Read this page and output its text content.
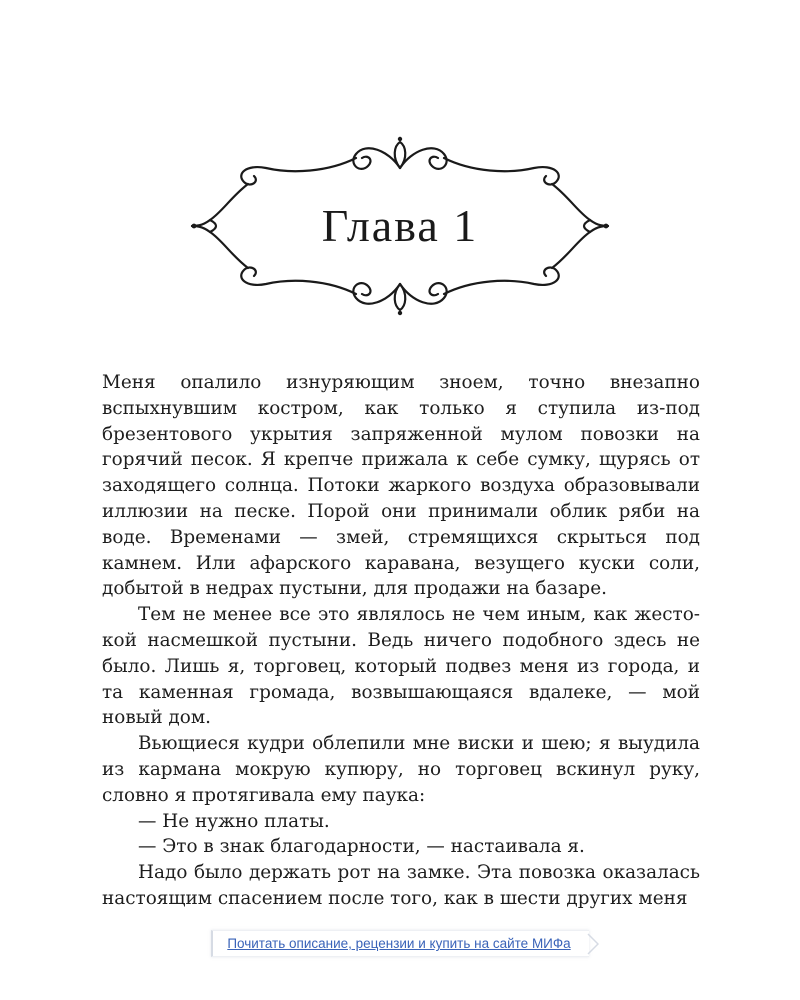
Глава 1

Меня опалило изнуряющим зноем, точно внезапно вспыхнувшим костром, как только я ступила из-под брезентового укрытия запряженной мулом повозки на горячий песок. Я крепче прижала к себе сумку, щурясь от заходящего солнца. Потоки жаркого воздуха образовывали иллюзии на песке. Порой они принимали облик ряби на воде. Временами — змей, стремящихся скрыться под камнем. Или афарского каравана, везущего куски соли, добытой в недрах пустыни, для продажи на базаре.

Тем не менее все это являлось не чем иным, как жестокой насмешкой пустыни. Ведь ничего подобного здесь не было. Лишь я, торговец, который подвез меня из города, и та каменная громада, возвышающаяся вдалеке, — мой новый дом.

Вьющиеся кудри облепили мне виски и шею; я выудила из кармана мокрую купюру, но торговец вскинул руку, словно я протягивала ему паука:

— Не нужно платы.

— Это в знак благодарности, — настаивала я.

Надо было держать рот на замке. Эта повозка оказалась настоящим спасением после того, как в шести других меня

Почитать описание, рецензии и купить на сайте МИФа
